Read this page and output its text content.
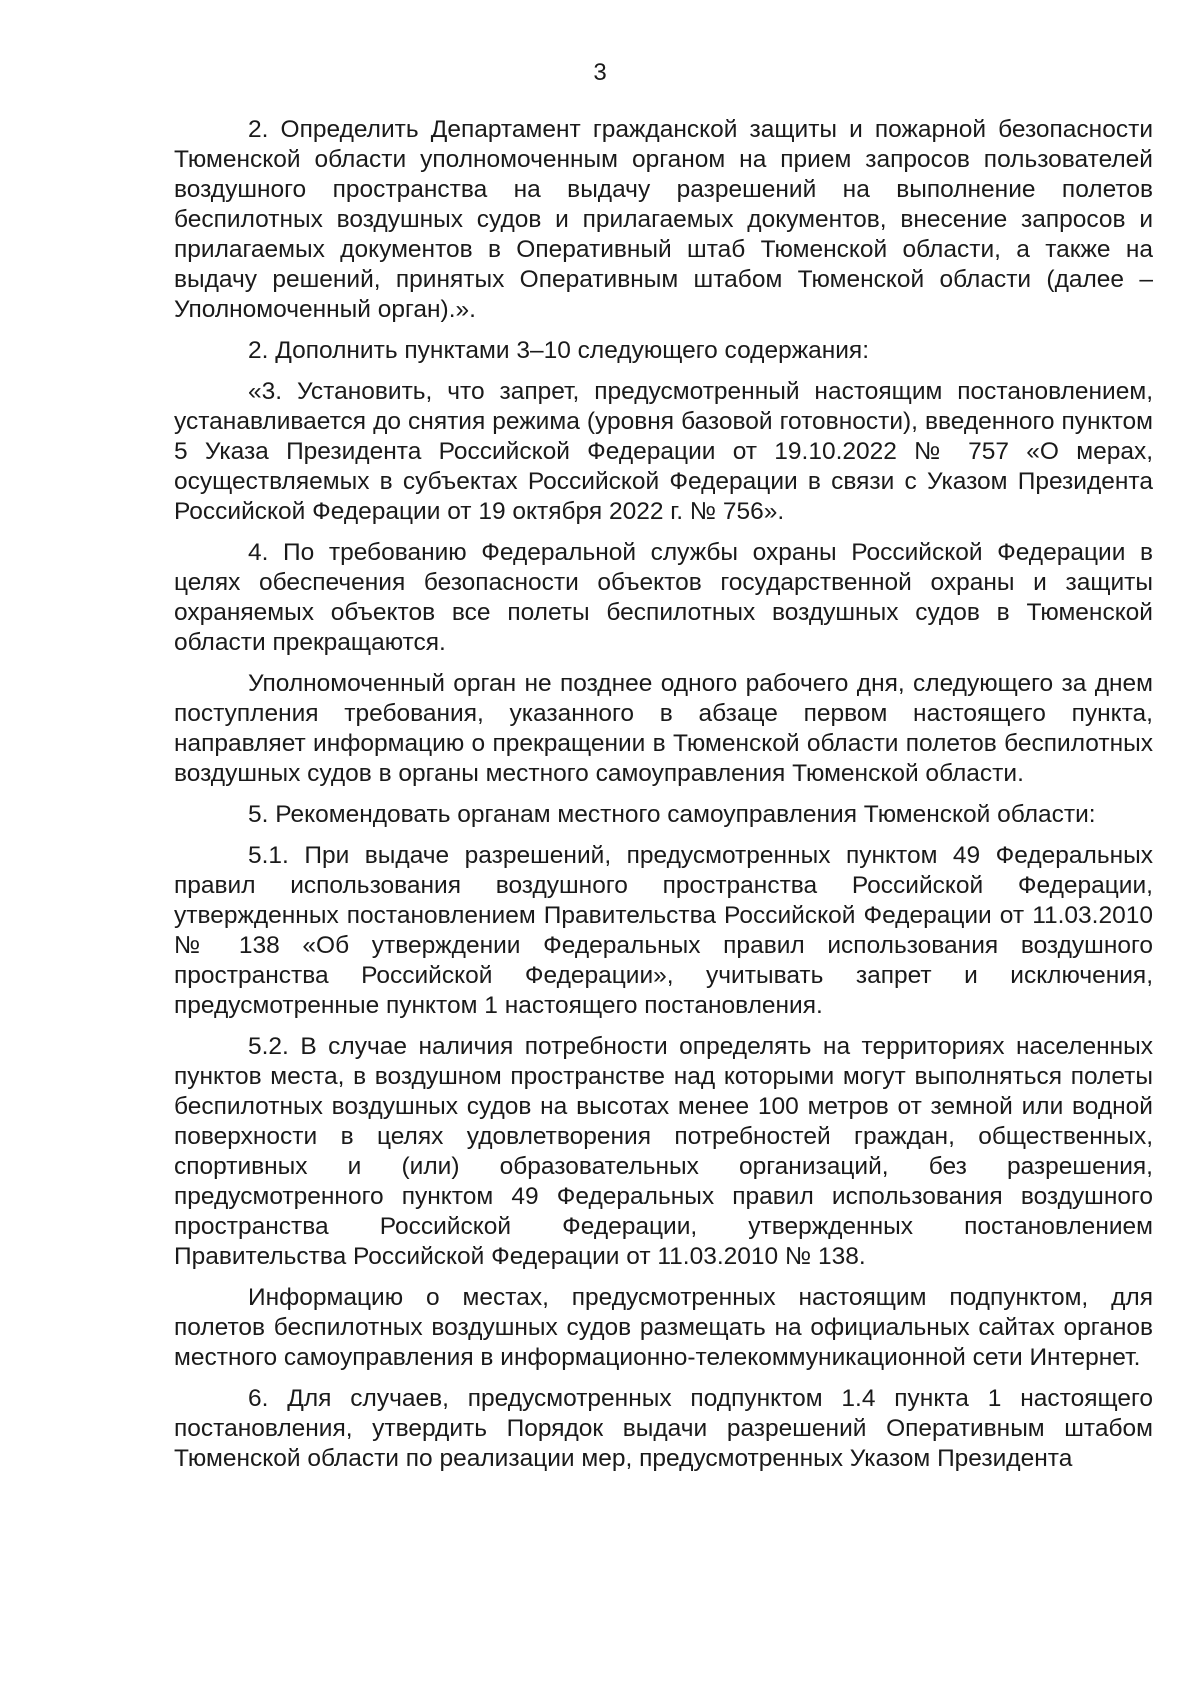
3

2. Определить Департамент гражданской защиты и пожарной безопасности Тюменской области уполномоченным органом на прием запросов пользователей воздушного пространства на выдачу разрешений на выполнение полетов беспилотных воздушных судов и прилагаемых документов, внесение запросов и прилагаемых документов в Оперативный штаб Тюменской области, а также на выдачу решений, принятых Оперативным штабом Тюменской области (далее – Уполномоченный орган).».

2. Дополнить пунктами 3–10 следующего содержания:

«3. Установить, что запрет, предусмотренный настоящим постановлением, устанавливается до снятия режима (уровня базовой готовности), введенного пунктом 5 Указа Президента Российской Федерации от 19.10.2022 № 757 «О мерах, осуществляемых в субъектах Российской Федерации в связи с Указом Президента Российской Федерации от 19 октября 2022 г. № 756».

4. По требованию Федеральной службы охраны Российской Федерации в целях обеспечения безопасности объектов государственной охраны и защиты охраняемых объектов все полеты беспилотных воздушных судов в Тюменской области прекращаются.

Уполномоченный орган не позднее одного рабочего дня, следующего за днем поступления требования, указанного в абзаце первом настоящего пункта, направляет информацию о прекращении в Тюменской области полетов беспилотных воздушных судов в органы местного самоуправления Тюменской области.

5. Рекомендовать органам местного самоуправления Тюменской области:

5.1. При выдаче разрешений, предусмотренных пунктом 49 Федеральных правил использования воздушного пространства Российской Федерации, утвержденных постановлением Правительства Российской Федерации от 11.03.2010 № 138 «Об утверждении Федеральных правил использования воздушного пространства Российской Федерации», учитывать запрет и исключения, предусмотренные пунктом 1 настоящего постановления.

5.2. В случае наличия потребности определять на территориях населенных пунктов места, в воздушном пространстве над которыми могут выполняться полеты беспилотных воздушных судов на высотах менее 100 метров от земной или водной поверхности в целях удовлетворения потребностей граждан, общественных, спортивных и (или) образовательных организаций, без разрешения, предусмотренного пунктом 49 Федеральных правил использования воздушного пространства Российской Федерации, утвержденных постановлением Правительства Российской Федерации от 11.03.2010 № 138.

Информацию о местах, предусмотренных настоящим подпунктом, для полетов беспилотных воздушных судов размещать на официальных сайтах органов местного самоуправления в информационно-телекоммуникационной сети Интернет.

6. Для случаев, предусмотренных подпунктом 1.4 пункта 1 настоящего постановления, утвердить Порядок выдачи разрешений Оперативным штабом Тюменской области по реализации мер, предусмотренных Указом Президента
